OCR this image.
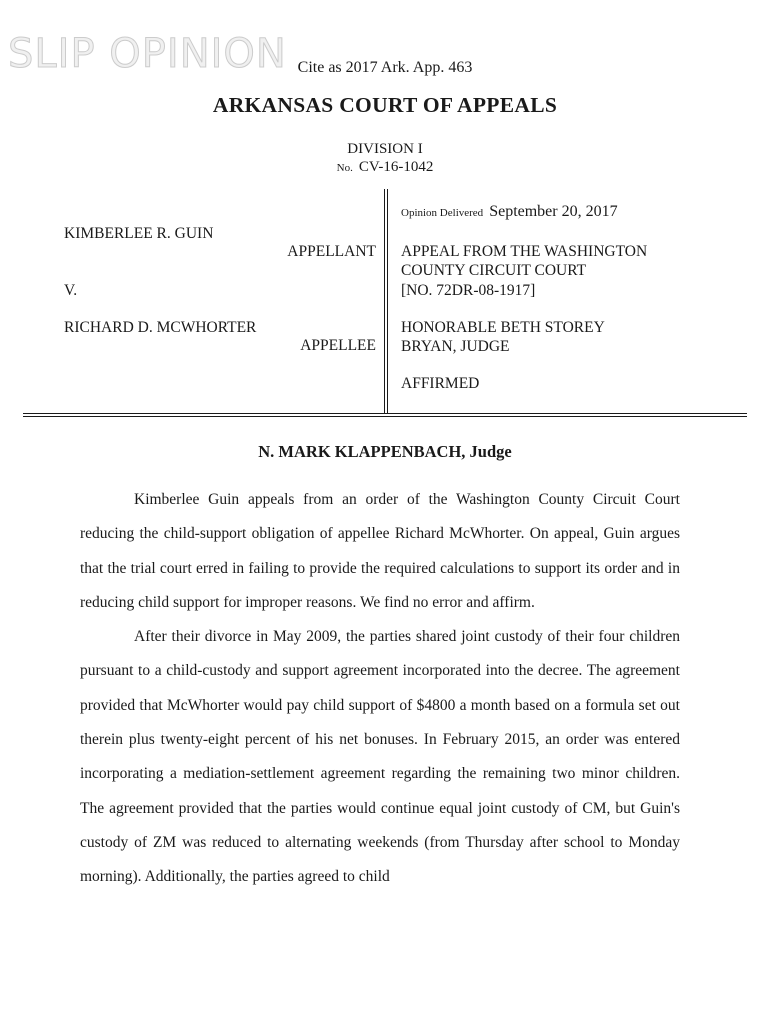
SLIP OPINION Cite as 2017 Ark. App. 463
ARKANSAS COURT OF APPEALS
DIVISION I
No. CV-16-1042
KIMBERLEE R. GUIN
APPELLANT
V.
RICHARD D. MCWHORTER
APPELLEE
Opinion Delivered September 20, 2017
APPEAL FROM THE WASHINGTON
COUNTY CIRCUIT COURT
[NO. 72DR-08-1917]
HONORABLE BETH STOREY
BRYAN, JUDGE
AFFIRMED
N. MARK KLAPPENBACH, Judge

Kimberlee Guin appeals from an order of the Washington County Circuit Court reducing the child-support obligation of appellee Richard McWhorter. On appeal, Guin argues that the trial court erred in failing to provide the required calculations to support its order and in reducing child support for improper reasons. We find no error and affirm.

After their divorce in May 2009, the parties shared joint custody of their four children pursuant to a child-custody and support agreement incorporated into the decree. The agreement provided that McWhorter would pay child support of $4800 a month based on a formula set out therein plus twenty-eight percent of his net bonuses. In February 2015, an order was entered incorporating a mediation-settlement agreement regarding the remaining two minor children. The agreement provided that the parties would continue equal joint custody of CM, but Guin's custody of ZM was reduced to alternating weekends (from Thursday after school to Monday morning). Additionally, the parties agreed to child
